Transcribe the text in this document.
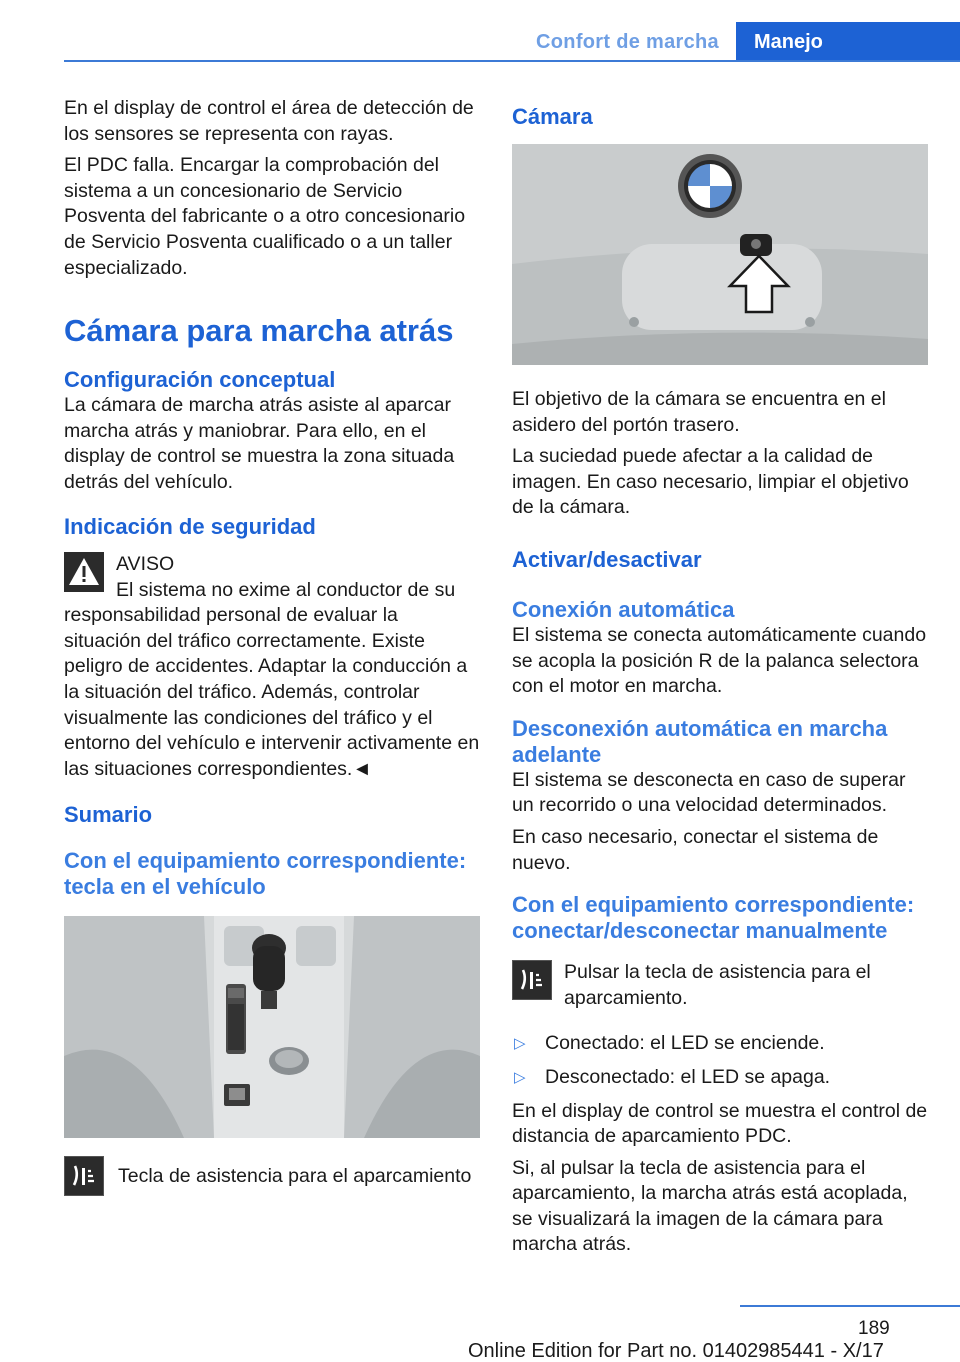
Confort de marcha	Manejo

En el display de control el área de detección de los sensores se representa con rayas.

El PDC falla. Encargar la comprobación del sistema a un concesionario de Servicio Posventa del fabricante o a otro concesionario de Servicio Posventa cualificado o a un taller especializado.

Cámara para marcha atrás
Configuración conceptual

La cámara de marcha atrás asiste al aparcar marcha atrás y maniobrar. Para ello, en el display de control se muestra la zona situada detrás del vehículo.

Indicación de seguridad

AVISO

El sistema no exime al conductor de su responsabilidad personal de evaluar la situación del tráfico correctamente. Existe peligro de accidentes. Adaptar la conducción a la situación del tráfico. Además, controlar visualmente las condiciones del tráfico y el entorno del vehículo e intervenir activamente en las situaciones correspondientes.◄

Sumario
Con el equipamiento correspondiente: tecla en el vehículo

Tecla de asistencia para el aparcamiento

Cámara

El objetivo de la cámara se encuentra en el asidero del portón trasero.

La suciedad puede afectar a la calidad de imagen. En caso necesario, limpiar el objetivo de la cámara.

Activar/desactivar
Conexión automática

El sistema se conecta automáticamente cuando se acopla la posición R de la palanca selectora con el motor en marcha.

Desconexión automática en marcha adelante

El sistema se desconecta en caso de superar un recorrido o una velocidad determinados.

En caso necesario, conectar el sistema de nuevo.

Con el equipamiento correspondiente: conectar/desconectar manualmente

Pulsar la tecla de asistencia para el aparcamiento.

▷ Conectado: el LED se enciende.
▷ Desconectado: el LED se apaga.

En el display de control se muestra el control de distancia de aparcamiento PDC.

Si, al pulsar la tecla de asistencia para el aparcamiento, la marcha atrás está acoplada, se visualizará la imagen de la cámara para marcha atrás.

189
Online Edition for Part no. 01402985441 - X/17
